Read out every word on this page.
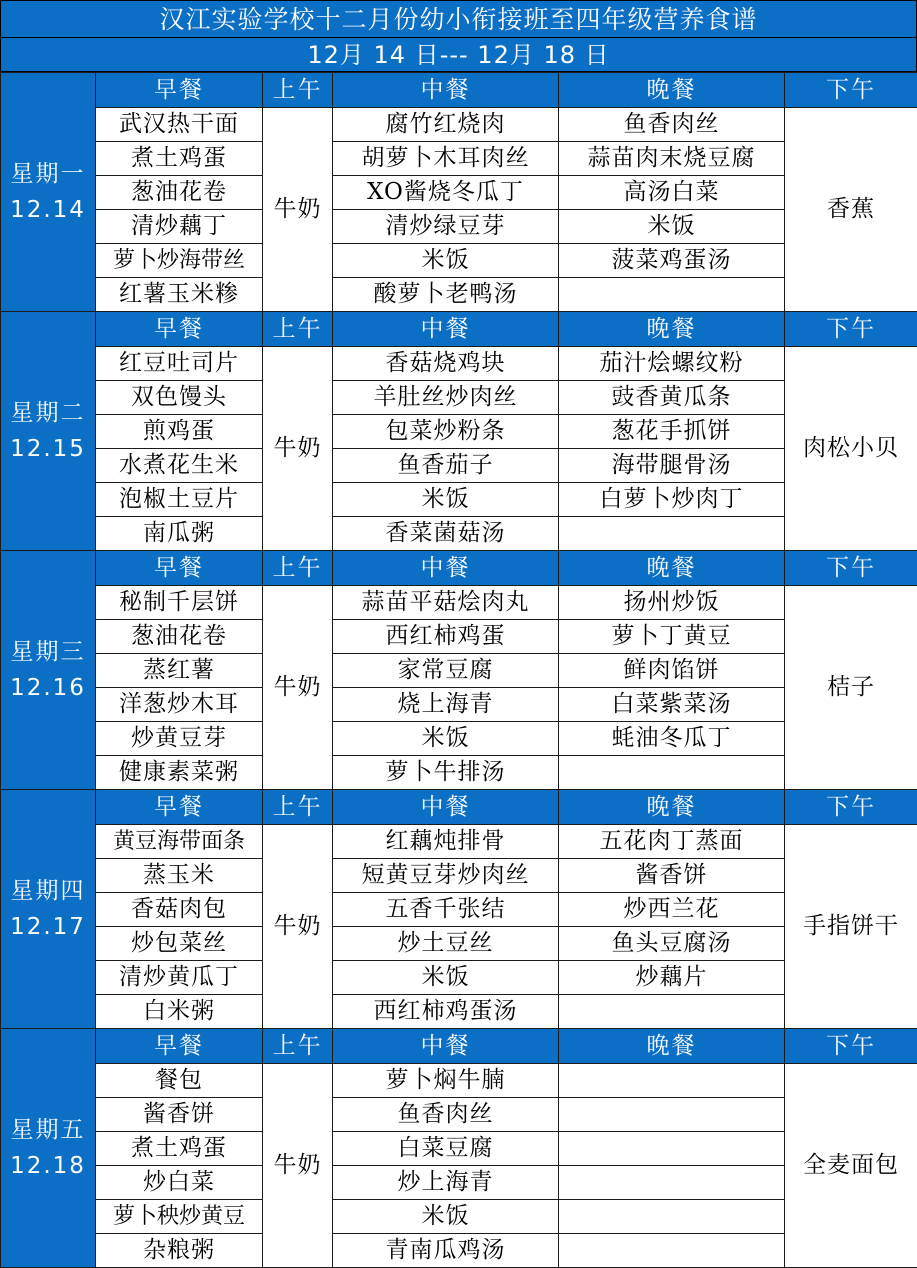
汉江实验学校十二月份幼小衔接班至四年级营养食谱
12月 14 日--- 12月 18 日
星期一
12.14	早餐	上午	中餐	晚餐	下午
	武汉热干面	牛奶	腐竹红烧肉	鱼香肉丝	香蕉
	煮土鸡蛋		胡萝卜木耳肉丝	蒜苗肉末烧豆腐	
	葱油花卷		XO酱烧冬瓜丁	高汤白菜	
	清炒藕丁		清炒绿豆芽	米饭	
	萝卜炒海带丝		米饭	菠菜鸡蛋汤	
	红薯玉米糁		酸萝卜老鸭汤		

星期二
12.15	早餐	上午	中餐	晚餐	下午
	红豆吐司片	牛奶	香菇烧鸡块	茄汁烩螺纹粉	肉松小贝
	双色馒头		羊肚丝炒肉丝	豉香黄瓜条	
	煎鸡蛋		包菜炒粉条	葱花手抓饼	
	水煮花生米		鱼香茄子	海带腿骨汤	
	泡椒土豆片		米饭	白萝卜炒肉丁	
	南瓜粥		香菜菌菇汤		

星期三
12.16	早餐	上午	中餐	晚餐	下午
	秘制千层饼	牛奶	蒜苗平菇烩肉丸	扬州炒饭	桔子
	葱油花卷		西红柿鸡蛋	萝卜丁黄豆	
	蒸红薯		家常豆腐	鲜肉馅饼	
	洋葱炒木耳		烧上海青	白菜紫菜汤	
	炒黄豆芽		米饭	蚝油冬瓜丁	
	健康素菜粥		萝卜牛排汤		

星期四
12.17	早餐	上午	中餐	晚餐	下午
	黄豆海带面条	牛奶	红藕炖排骨	五花肉丁蒸面	手指饼干
	蒸玉米		短黄豆芽炒肉丝	酱香饼	
	香菇肉包		五香千张结	炒西兰花	
	炒包菜丝		炒土豆丝	鱼头豆腐汤	
	清炒黄瓜丁		米饭	炒藕片	
	白米粥		西红柿鸡蛋汤		

星期五
12.18	早餐	上午	中餐	晚餐	下午
	餐包	牛奶	萝卜焖牛腩		全麦面包
	酱香饼		鱼香肉丝		
	煮土鸡蛋		白菜豆腐		
	炒白菜		炒上海青		
	萝卜秧炒黄豆		米饭		
	杂粮粥		青南瓜鸡汤		
